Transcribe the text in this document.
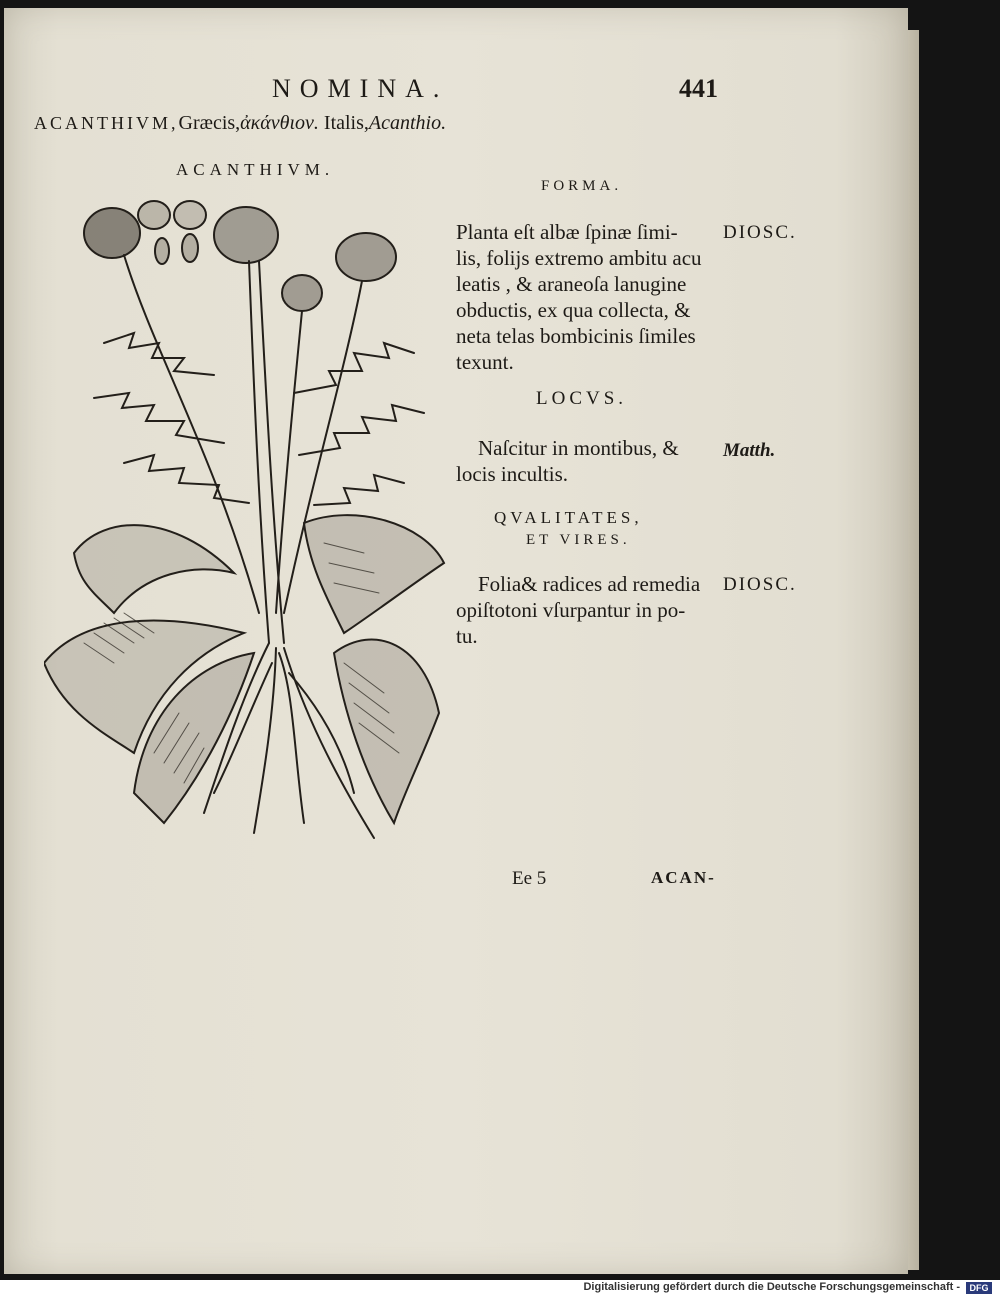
NOMINA.	441
ACANTHIVM,Græcis,ἀκάνθιον. Italis,Acanthio.
ACANTHIVM.
FORMA.
Planta eſt albæ ſpinæ ſimi- DIOSC.
lis, folijs extremo ambitu acu
leatis , & araneoſa lanugine
obductis, ex qua collecta, &
neta telas bombicinis ſimiles
texunt.
LOCVS.
Naſcitur in montibus, & Matth.
locis incultis.
QVALITATES,
ET VIRES.
Folia& radices ad remedia DIOSC.
opiſtotoni vſurpantur in po-
tu.
Ee 5	ACAN-
Digitalisierung gefördert durch die Deutsche Forschungsgemeinschaft -	DFG
